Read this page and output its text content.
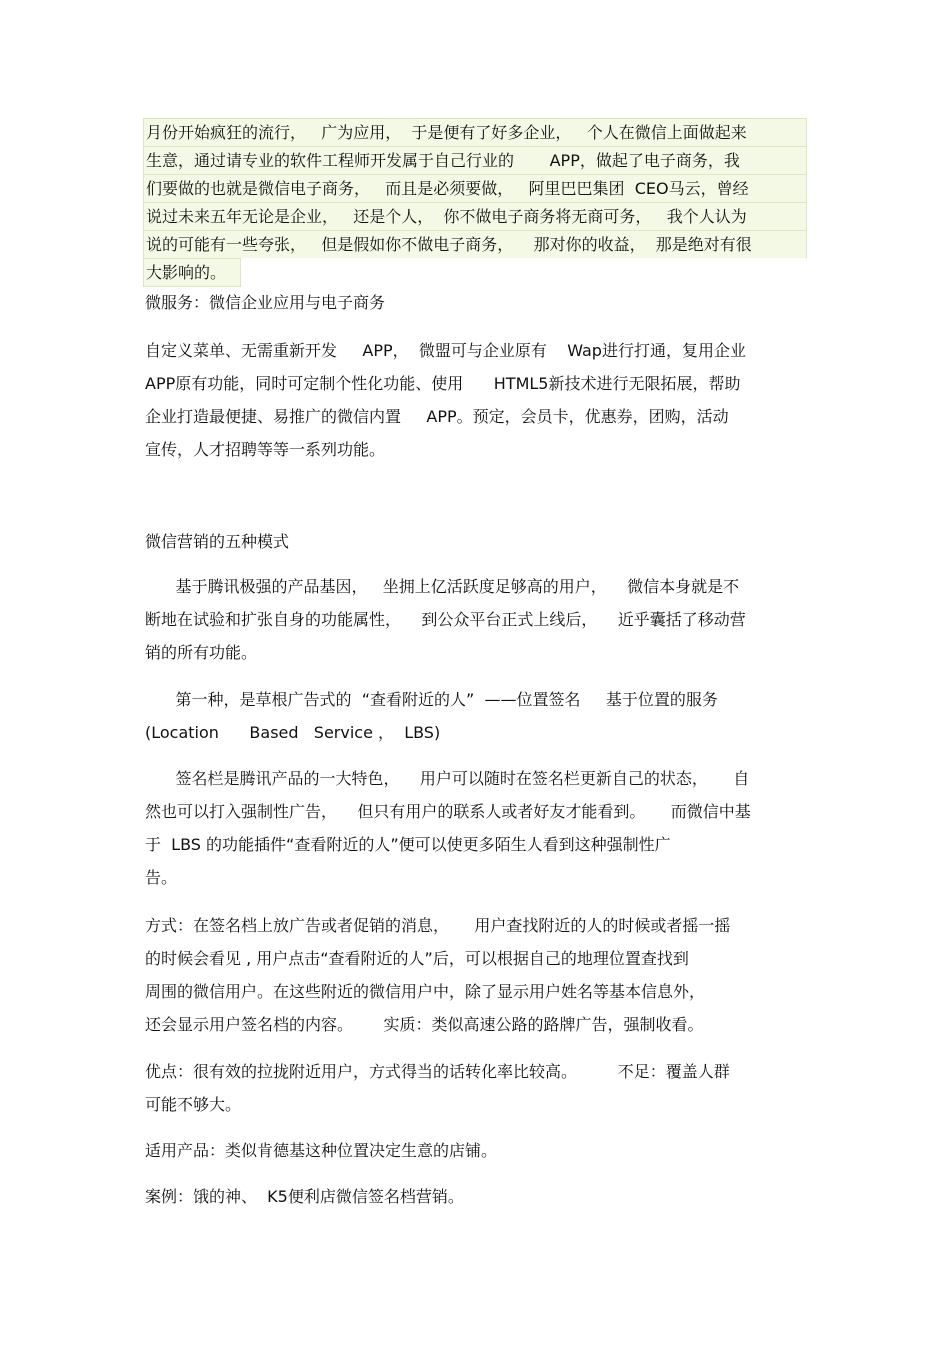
月份开始疯狂的流行，   广为应用，  于是便有了好多企业，   个人在微信上面做起来
生意，通过请专业的软件工程师开发属于自己行业的       APP，做起了电子商务，我
们要做的也就是微信电子商务，   而且是必须要做，   阿里巴巴集团  CEO马云，曾经
说过未来五年无论是企业，   还是个人，  你不做电子商务将无商可务，   我个人认为
说的可能有一些夸张，   但是假如你不做电子商务，    那对你的收益，  那是绝对有很
大影响的。
微服务：微信企业应用与电子商务
自定义菜单、无需重新开发     APP，  微盟可与企业原有    Wap进行打通，复用企业
APP原有功能，同时可定制个性化功能、使用      HTML5新技术进行无限拓展，帮助
企业打造最便捷、易推广的微信内置     APP。预定，会员卡，优惠券，团购，活动
宣传，人才招聘等等一系列功能。
微信营销的五种模式
基于腾讯极强的产品基因，   坐拥上亿活跃度足够高的用户，    微信本身就是不
断地在试验和扩张自身的功能属性，    到公众平台正式上线后，    近乎囊括了移动营
销的所有功能。
第一种，是草根广告式的  “查看附近的人”  ——位置签名     基于位置的服务
(Location      Based   Service ，  LBS)
签名栏是腾讯产品的一大特色，    用户可以随时在签名栏更新自己的状态，     自
然也可以打入强制性广告，    但只有用户的联系人或者好友才能看到。     而微信中基
于  LBS 的功能插件“查看附近的人”便可以使更多陌生人看到这种强制性广
告。
方式：在签名档上放广告或者促销的消息，     用户查找附近的人的时候或者摇一摇
的时候会看见 , 用户点击“查看附近的人”后，可以根据自己的地理位置查找到
周围的微信用户。在这些附近的微信用户中，除了显示用户姓名等基本信息外，
还会显示用户签名档的内容。      实质：类似高速公路的路牌广告，强制收看。
优点：很有效的拉拢附近用户，方式得当的话转化率比较高。        不足：覆盖人群
可能不够大。
适用产品：类似肯德基这种位置决定生意的店铺。
案例：饿的神、  K5便利店微信签名档营销。
